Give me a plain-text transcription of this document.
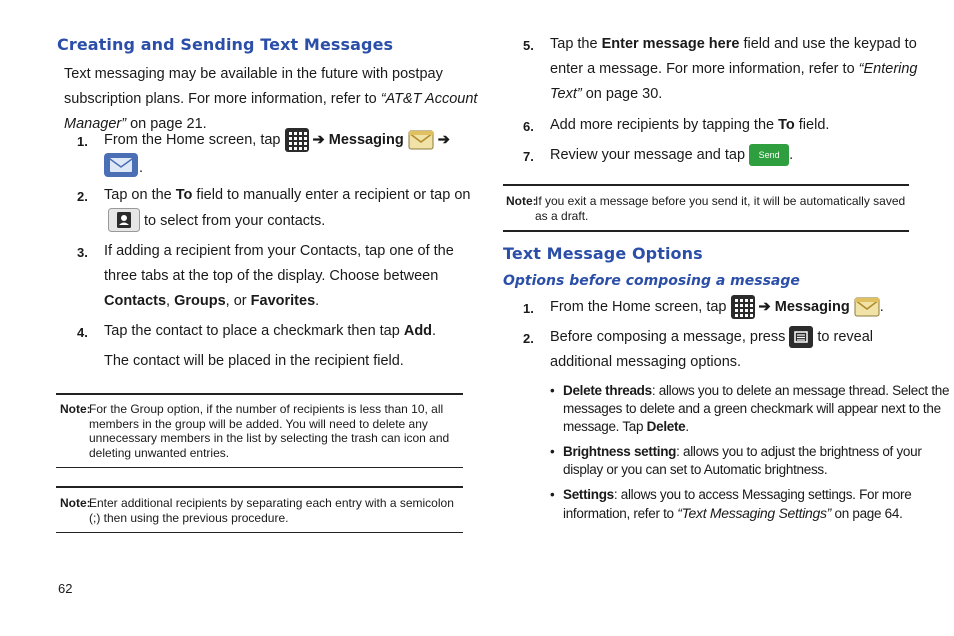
Creating and Sending Text Messages
Text messaging may be available in the future with postpay
subscription plans. For more information, refer to “AT&T Account
Manager” on page 21.
1. From the Home screen, tap
➔ Messaging  ➔
.
2. Tap on the To field to manually enter a recipient or tap on
to select from your contacts.
3. If adding a recipient from your Contacts, tap one of the
three tabs at the top of the display. Choose between
Contacts, Groups, or Favorites.
4. Tap the contact to place a checkmark then tap Add.
The contact will be placed in the recipient field.
Note:
For the Group option, if the number of recipients is less than 10, all
members in the group will be added. You will need to delete any
unnecessary members in the list by selecting the trash can icon and
deleting unwanted entries.
Note:
Enter additional recipients by separating each entry with a semicolon
(;) then using the previous procedure.
62
5. Tap the Enter message here field and use the keypad to
enter a message. For more information, refer to “Entering
Text” on page 30.
6. Add more recipients by tapping the To field.
7. Review your message and tap Send .
Note:
If you exit a message before you send it, it will be automatically saved
as a draft.
Text Message Options
Options before composing a message
1. From the Home screen, tap
➔ Messaging .
2. Before composing a message, press  to reveal
additional messaging options.
• Delete threads: allows you to delete an message thread. Select the
messages to delete and a green checkmark will appear next to the
message. Tap Delete.
• Brightness setting: allows you to adjust the brightness of your
display or you can set to Automatic brightness.
• Settings: allows you to access Messaging settings. For more
information, refer to “Text Messaging Settings” on page 64.
